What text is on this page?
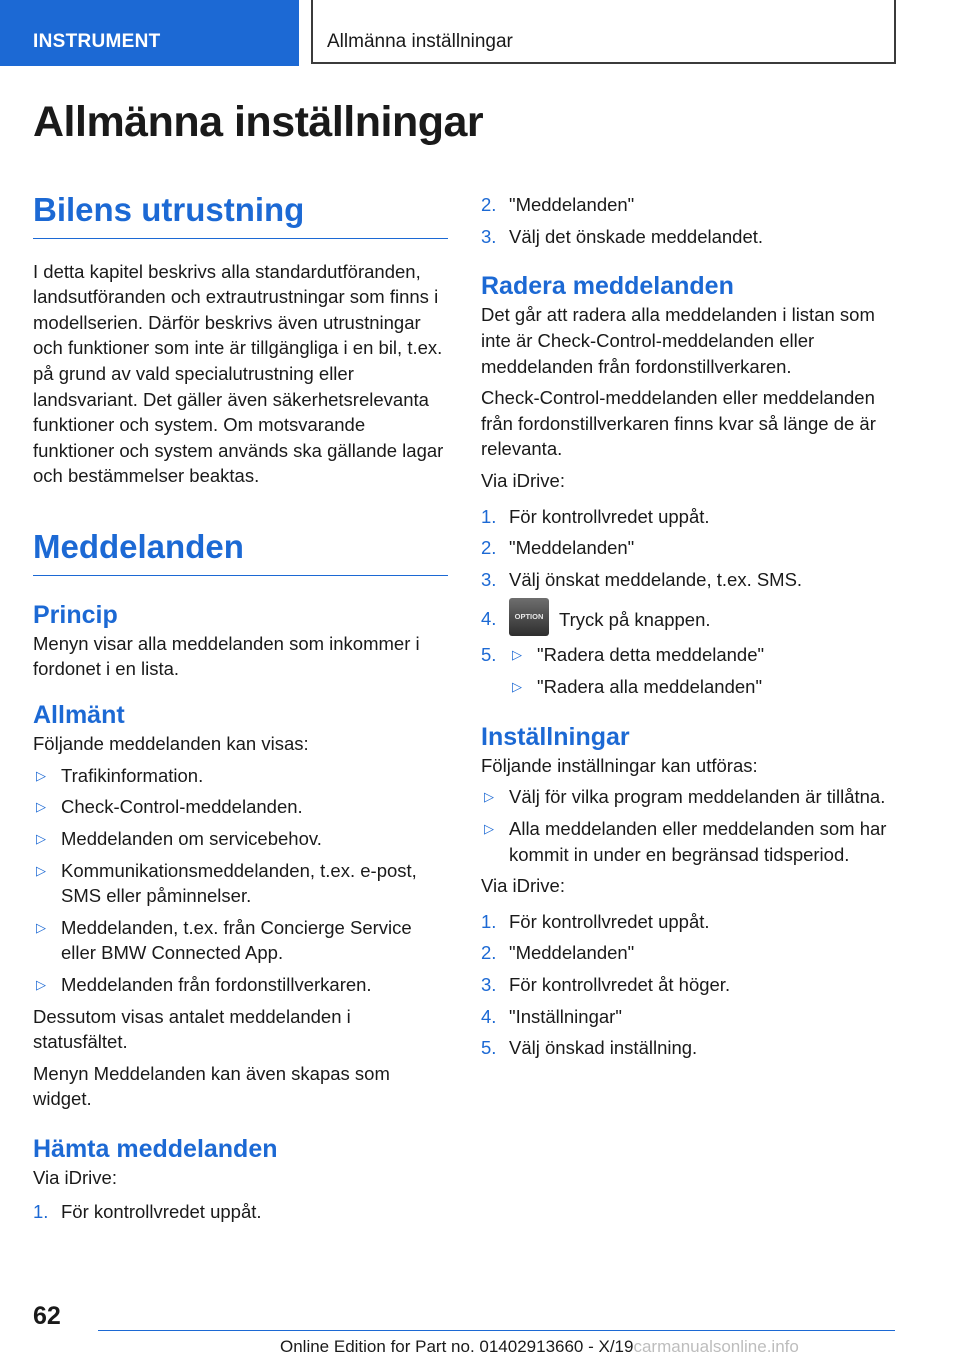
INSTRUMENT	Allmänna inställningar
Allmänna inställningar
Bilens utrustning

I detta kapitel beskrivs alla standardutföranden, landsutföranden och extrautrustningar som finns i modellserien. Därför beskrivs även utrustningar och funktioner som inte är tillgängliga i en bil, t.ex. på grund av vald specialutrustning eller landsvariant. Det gäller även säkerhetsrelevanta funktioner och system. Om motsvarande funktioner och system används ska gällande lagar och bestämmelser beaktas.

Meddelanden
Princip

Menyn visar alla meddelanden som inkommer i fordonet i en lista.

Allmänt

Följande meddelanden kan visas:

▷ Trafikinformation.
▷ Check-Control-meddelanden.
▷ Meddelanden om servicebehov.
▷ Kommunikationsmeddelanden, t.ex. e-post, SMS eller påminnelser.
▷ Meddelanden, t.ex. från Concierge Service eller BMW Connected App.
▷ Meddelanden från fordonstillverkaren.

Dessutom visas antalet meddelanden i statusfältet.

Menyn Meddelanden kan även skapas som widget.

Hämta meddelanden

Via iDrive:

1. För kontrollvredet uppåt.
2. "Meddelanden"
3. Välj det önskade meddelandet.
Radera meddelanden

Det går att radera alla meddelanden i listan som inte är Check-Control-meddelanden eller meddelanden från fordonstillverkaren.

Check-Control-meddelanden eller meddelanden från fordonstillverkaren finns kvar så länge de är relevanta.

Via iDrive:

1. För kontrollvredet uppåt.
2. "Meddelanden"
3. Välj önskat meddelande, t.ex. SMS.
4. OPTION Tryck på knappen.
5. ▷ "Radera detta meddelande"
▷ "Radera alla meddelanden"
Inställningar

Följande inställningar kan utföras:

▷ Välj för vilka program meddelanden är tillåtna.
▷ Alla meddelanden eller meddelanden som har kommit in under en begränsad tidsperiod.

Via iDrive:

1. För kontrollvredet uppåt.
2. "Meddelanden"
3. För kontrollvredet åt höger.
4. "Inställningar"
5. Välj önskad inställning.
62
Online Edition for Part no. 01402913660 - X/19carmanualsonline.info
